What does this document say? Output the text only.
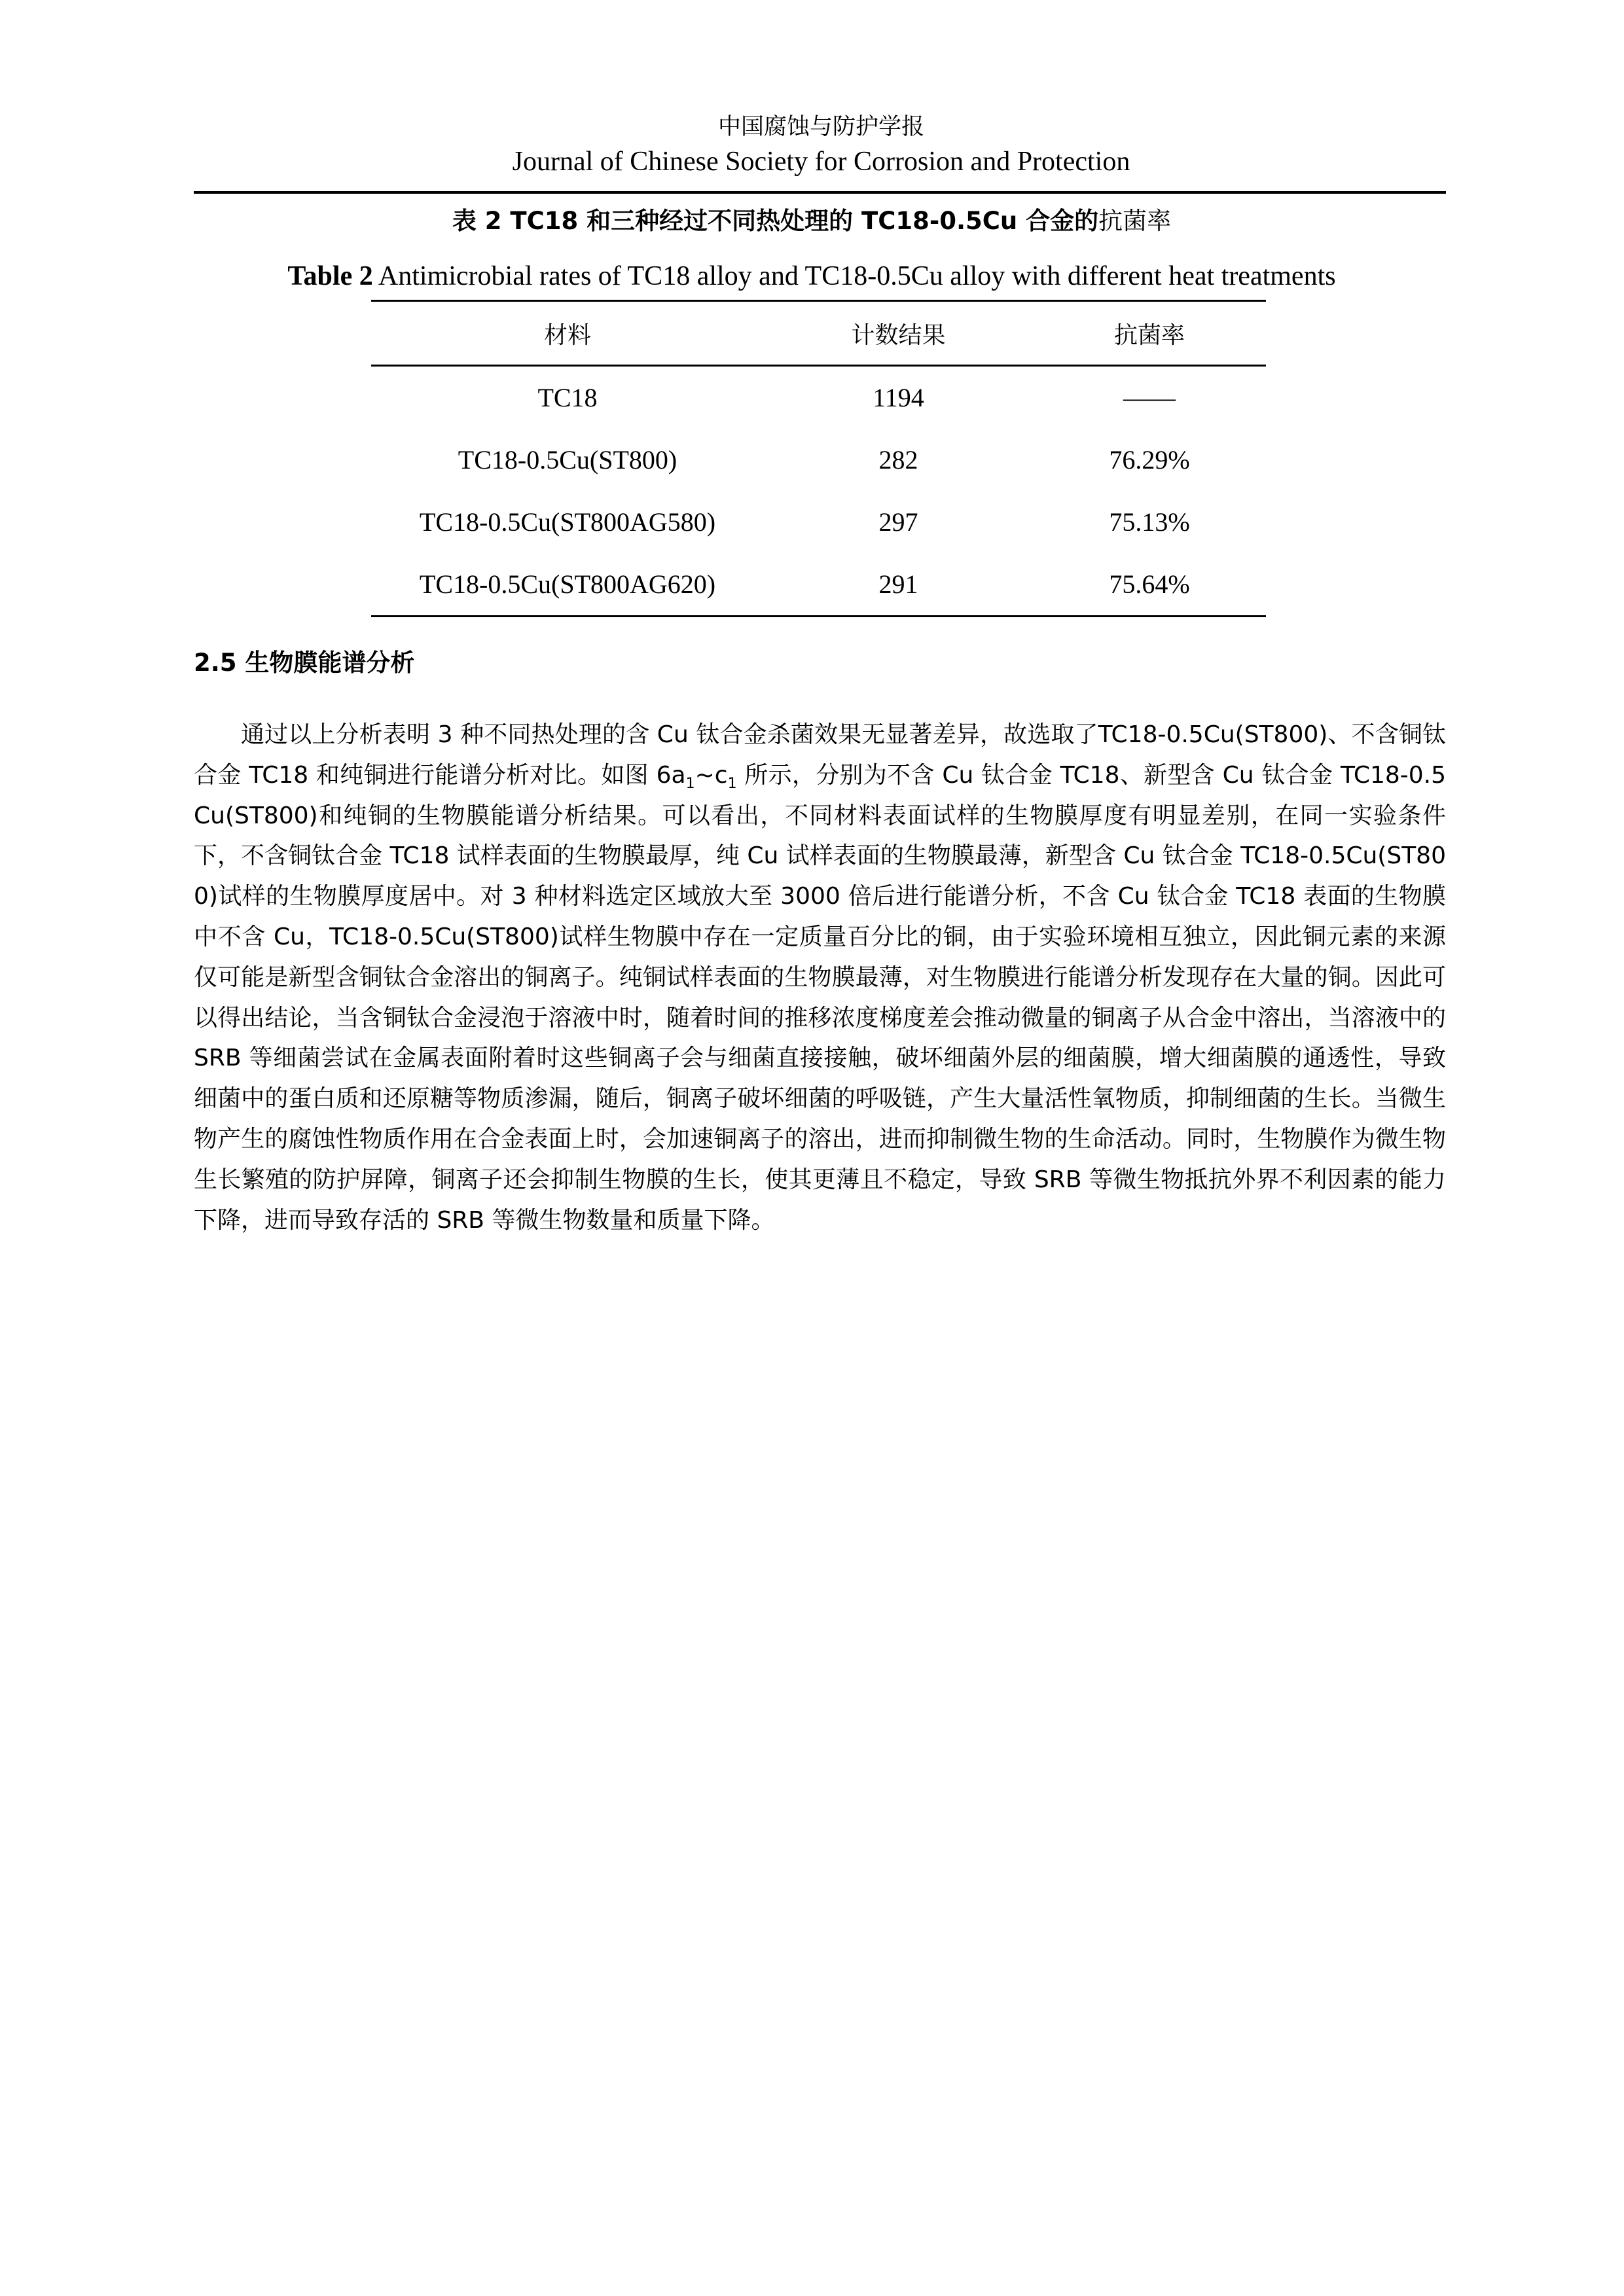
中国腐蚀与防护学报
Journal of Chinese Society for Corrosion and Protection
表 2 TC18 和三种经过不同热处理的 TC18-0.5Cu 合金的抗菌率
Table 2 Antimicrobial rates of TC18 alloy and TC18-0.5Cu alloy with different heat treatments
材料	计数结果	抗菌率
TC18	1194	——
TC18-0.5Cu(ST800)	282	76.29%
TC18-0.5Cu(ST800AG580)	297	75.13%
TC18-0.5Cu(ST800AG620)	291	75.64%
2.5 生物膜能谱分析

通过以上分析表明 3 种不同热处理的含 Cu 钛合金杀菌效果无显著差异，故选取了TC18-0.5Cu(ST800)、不含铜钛合金 TC18 和纯铜进行能谱分析对比。如图 $6a_1\sim c_1$ 所示，分别为不含 Cu 钛合金 TC18、新型含 Cu 钛合金 TC18-0.5Cu(ST800)和纯铜的生物膜能谱分析结果。可以看出，不同材料表面试样的生物膜厚度有明显差别，在同一实验条件下，不含铜钛合金 TC18 试样表面的生物膜最厚，纯 Cu 试样表面的生物膜最薄，新型含 Cu 钛合金 TC18-0.5Cu(ST800)试样的生物膜厚度居中。对 3 种材料选定区域放大至 3000 倍后进行能谱分析，不含 Cu 钛合金 TC18 表面的生物膜中不含 Cu，TC18-0.5Cu(ST800)试样生物膜中存在一定质量百分比的铜，由于实验环境相互独立，因此铜元素的来源仅可能是新型含铜钛合金溶出的铜离子。纯铜试样表面的生物膜最薄，对生物膜进行能谱分析发现存在大量的铜。因此可以得出结论，当含铜钛合金浸泡于溶液中时，随着时间的推移浓度梯度差会推动微量的铜离子从合金中溶出，当溶液中的 SRB 等细菌尝试在金属表面附着时这些铜离子会与细菌直接接触，破坏细菌外层的细菌膜，增大细菌膜的通透性，导致细菌中的蛋白质和还原糖等物质渗漏，随后，铜离子破坏细菌的呼吸链，产生大量活性氧物质，抑制细菌的生长。当微生物产生的腐蚀性物质作用在合金表面上时，会加速铜离子的溶出，进而抑制微生物的生命活动。同时，生物膜作为微生物生长繁殖的防护屏障，铜离子还会抑制生物膜的生长，使其更薄且不稳定，导致 SRB 等微生物抵抗外界不利因素的能力下降，进而导致存活的 SRB 等微生物数量和质量下降。
